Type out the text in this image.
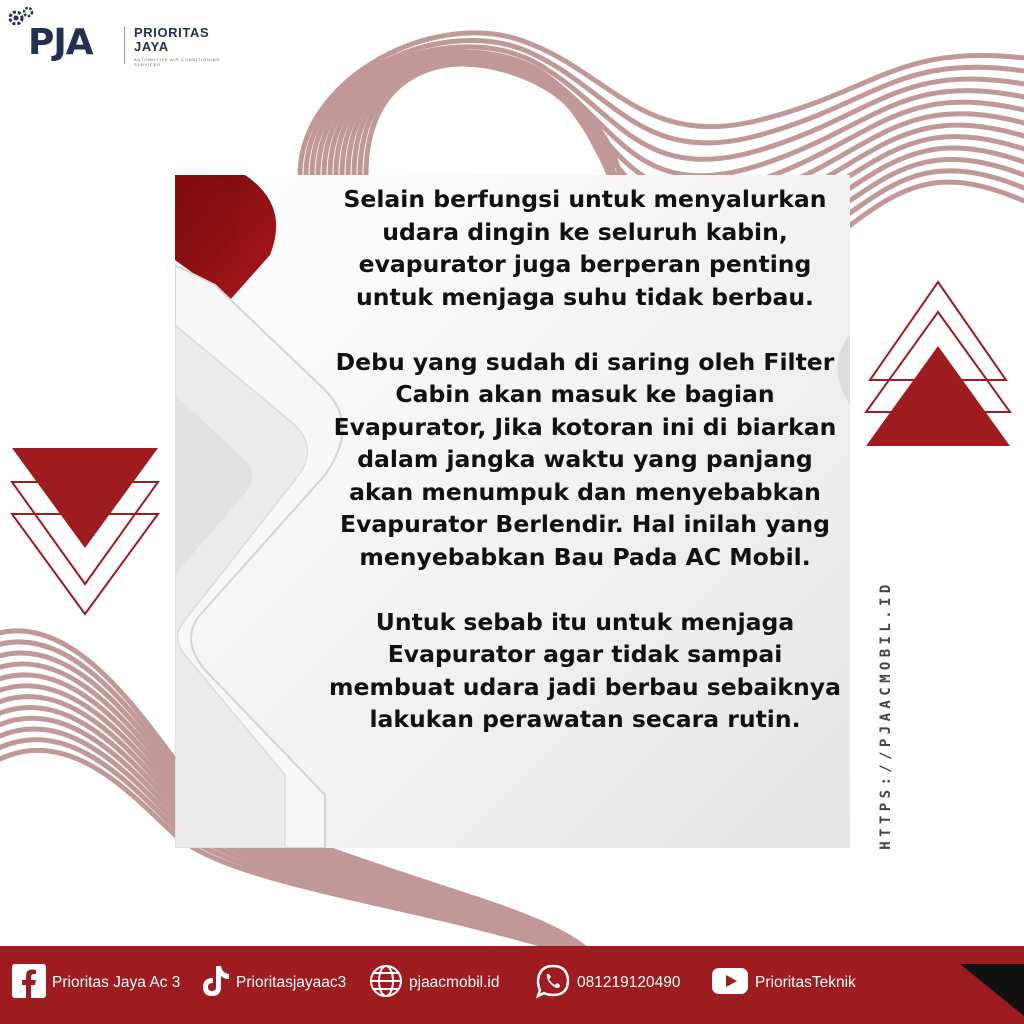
PJA	PRIORITAS
JAYA
AUTOMOTIVE AIR CONDITIONING SERVICES

Selain berfungsi untuk menyalurkan udara dingin ke seluruh kabin, evapurator juga berperan penting untuk menjaga suhu tidak berbau.

Debu yang sudah di saring oleh Filter Cabin akan masuk ke bagian Evapurator, Jika kotoran ini di biarkan dalam jangka waktu yang panjang akan menumpuk dan menyebabkan Evapurator Berlendir. Hal inilah yang menyebabkan Bau Pada AC Mobil.

Untuk sebab itu untuk menjaga Evapurator agar tidak sampai membuat udara jadi berbau sebaiknya lakukan perawatan secara rutin.	HTTPS://PJAACMOBIL.ID
Prioritas Jaya Ac 3	Prioritasjayaac3	pjaacmobil.id	081219120490	PrioritasTeknik
